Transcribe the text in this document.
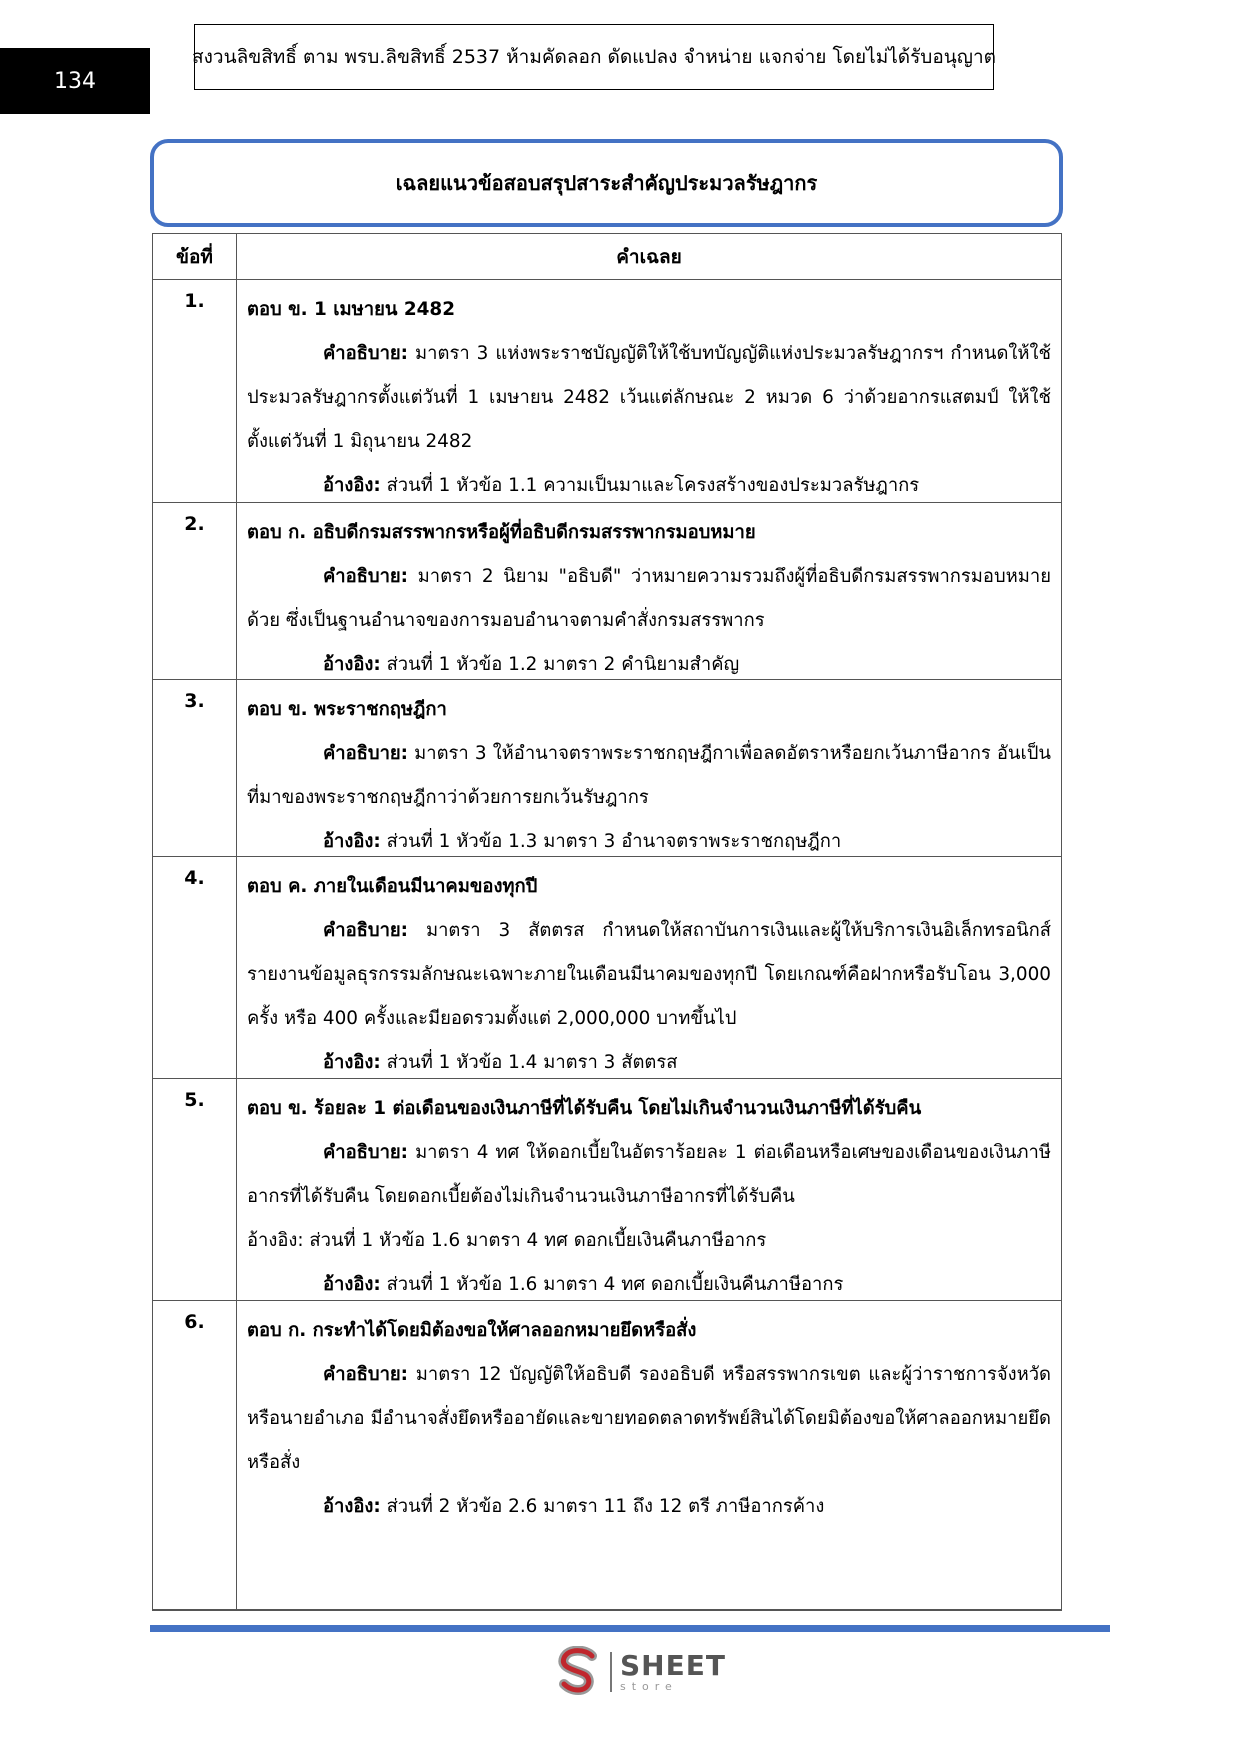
134
สงวนลิขสิทธิ์ ตาม พรบ.ลิขสิทธิ์ 2537 ห้ามคัดลอก ดัดแปลง จำหน่าย แจกจ่าย โดยไม่ได้รับอนุญาต
เฉลยแนวข้อสอบสรุปสาระสำคัญประมวลรัษฎากร
ข้อที่	คำเฉลย
1.	ตอบ ข. 1 เมษายน 2482

คำอธิบาย: มาตรา 3 แห่งพระราชบัญญัติให้ใช้บทบัญญัติแห่งประมวลรัษฎากรฯ กำหนดให้ใช้ประมวลรัษฎากรตั้งแต่วันที่ 1 เมษายน 2482 เว้นแต่ลักษณะ 2 หมวด 6 ว่าด้วยอากรแสตมป์ ให้ใช้ตั้งแต่วันที่ 1 มิถุนายน 2482

อ้างอิง: ส่วนที่ 1 หัวข้อ 1.1 ความเป็นมาและโครงสร้างของประมวลรัษฎากร

2.	ตอบ ก. อธิบดีกรมสรรพากรหรือผู้ที่อธิบดีกรมสรรพากรมอบหมาย

คำอธิบาย: มาตรา 2 นิยาม "อธิบดี" ว่าหมายความรวมถึงผู้ที่อธิบดีกรมสรรพากรมอบหมายด้วย ซึ่งเป็นฐานอำนาจของการมอบอำนาจตามคำสั่งกรมสรรพากร

อ้างอิง: ส่วนที่ 1 หัวข้อ 1.2 มาตรา 2 คำนิยามสำคัญ

3.	ตอบ ข. พระราชกฤษฎีกา

คำอธิบาย: มาตรา 3 ให้อำนาจตราพระราชกฤษฎีกาเพื่อลดอัตราหรือยกเว้นภาษีอากร อันเป็นที่มาของพระราชกฤษฎีกาว่าด้วยการยกเว้นรัษฎากร

อ้างอิง: ส่วนที่ 1 หัวข้อ 1.3 มาตรา 3 อำนาจตราพระราชกฤษฎีกา

4.	ตอบ ค. ภายในเดือนมีนาคมของทุกปี

คำอธิบาย: มาตรา 3 สัตตรส กำหนดให้สถาบันการเงินและผู้ให้บริการเงินอิเล็กทรอนิกส์รายงานข้อมูลธุรกรรมลักษณะเฉพาะภายในเดือนมีนาคมของทุกปี โดยเกณฑ์คือฝากหรือรับโอน 3,000 ครั้ง หรือ 400 ครั้งและมียอดรวมตั้งแต่ 2,000,000 บาทขึ้นไป

อ้างอิง: ส่วนที่ 1 หัวข้อ 1.4 มาตรา 3 สัตตรส

5.	ตอบ ข. ร้อยละ 1 ต่อเดือนของเงินภาษีที่ได้รับคืน โดยไม่เกินจำนวนเงินภาษีที่ได้รับคืน

คำอธิบาย: มาตรา 4 ทศ ให้ดอกเบี้ยในอัตราร้อยละ 1 ต่อเดือนหรือเศษของเดือนของเงินภาษีอากรที่ได้รับคืน โดยดอกเบี้ยต้องไม่เกินจำนวนเงินภาษีอากรที่ได้รับคืน

อ้างอิง: ส่วนที่ 1 หัวข้อ 1.6 มาตรา 4 ทศ ดอกเบี้ยเงินคืนภาษีอากร

อ้างอิง: ส่วนที่ 1 หัวข้อ 1.6 มาตรา 4 ทศ ดอกเบี้ยเงินคืนภาษีอากร

6.	ตอบ ก. กระทำได้โดยมิต้องขอให้ศาลออกหมายยึดหรือสั่ง

คำอธิบาย: มาตรา 12 บัญญัติให้อธิบดี รองอธิบดี หรือสรรพากรเขต และผู้ว่าราชการจังหวัดหรือนายอำเภอ มีอำนาจสั่งยึดหรืออายัดและขายทอดตลาดทรัพย์สินได้โดยมิต้องขอให้ศาลออกหมายยึดหรือสั่ง

อ้างอิง: ส่วนที่ 2 หัวข้อ 2.6 มาตรา 11 ถึง 12 ตรี ภาษีอากรค้าง

SHEET
store
